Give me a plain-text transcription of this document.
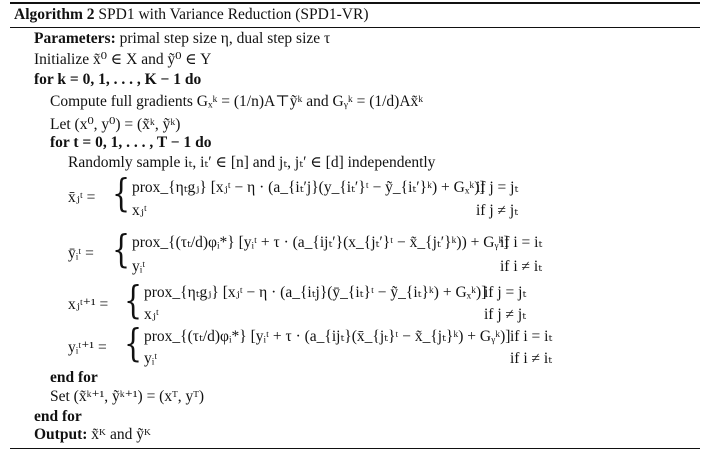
Algorithm 2 SPD1 with Variance Reduction (SPD1-VR)
Parameters: primal step size η, dual step size τ
Initialize x̃⁰ ∈ X and ỹ⁰ ∈ Y
for k = 0, 1, . . . , K − 1 do
Compute full gradients Gₓᵏ = (1/n)A⊤ỹᵏ and Gᵧᵏ = (1/d)Ax̃ᵏ
Let (x⁰, y⁰) = (x̃ᵏ, ỹᵏ)
for t = 0, 1, . . . , T − 1 do
Randomly sample iₜ, iₜ′ ∈ [n] and jₜ, jₜ′ ∈ [d] independently
x̄ⱼᵗ = { prox_{ηₜgⱼ} [xⱼᵗ − η · (a_{iₜ′j}(y_{iₜ′}ᵗ − ỹ_{iₜ′}ᵏ) + Gₓᵏ)]
xⱼᵗ
if j = jₜ
if j ≠ jₜ
ȳᵢᵗ = { prox_{(τₜ/d)φᵢ*} [yᵢᵗ + τ · (a_{ijₜ′}(x_{jₜ′}ᵗ − x̃_{jₜ′}ᵏ)) + Gᵧᵏ]
yᵢᵗ
if i = iₜ
if i ≠ iₜ
xⱼᵗ⁺¹ = { prox_{ηₜgⱼ} [xⱼᵗ − η · (a_{iₜj}(ȳ_{iₜ}ᵗ − ỹ_{iₜ}ᵏ) + Gₓᵏ)]
xⱼᵗ
if j = jₜ
if j ≠ jₜ
yᵢᵗ⁺¹ = { prox_{(τₜ/d)φᵢ*} [yᵢᵗ + τ · (a_{ijₜ}(x̄_{jₜ}ᵗ − x̃_{jₜ}ᵏ) + Gᵧᵏ)]
yᵢᵗ
if i = iₜ
if i ≠ iₜ
end for
Set (x̃ᵏ⁺¹, ỹᵏ⁺¹) = (xᵀ, yᵀ)
end for
Output: x̃ᴷ and ỹᴷ
